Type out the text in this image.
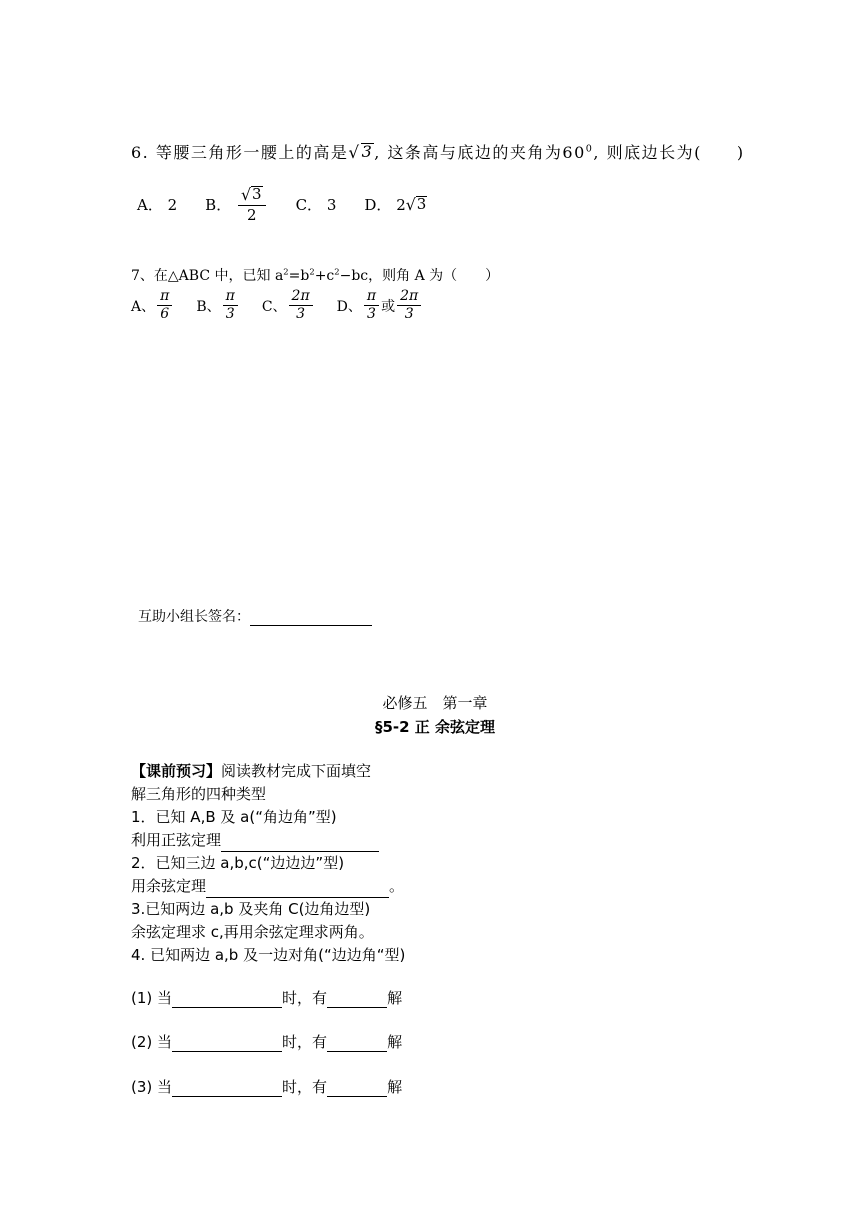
6. 等腰三角形一腰上的高是 √ 3 , 这条高与底边的夹角为$60^0$, 则底边长为(　　)
A．
2 B．
$\frac{√ 3}{2}$ C．
3 D．
2 √ 3
7、在△ABC 中，已知 $a^2=b^2+c^2-bc$，则角 A 为（　　）
A、 $\frac{\pi}{6}$ B、 $\frac{\pi}{3}$ C、 $\frac{2\pi}{3}$ D、 $\frac{\pi}{3}$ 或 $\frac{2\pi}{3}$
互助小组长签名：
必修五　第一章
§5-2 正 余弦定理
【课前预习】阅读教材完成下面填空
解三角形的四种类型
1．已知 A,B 及 a(“角边角”型)
利用正弦定理
2．已知三边 a,b,c(“边边边”型)
用余弦定理	。
3.已知两边 a,b 及夹角 C(边角边型)
余弦定理求 c,再用余弦定理求两角。
4. 已知两边 a,b 及一边对角(“边边角“型)
(1) 当	时，有	解
(2) 当	时，有	解
(3) 当	时，有	解
